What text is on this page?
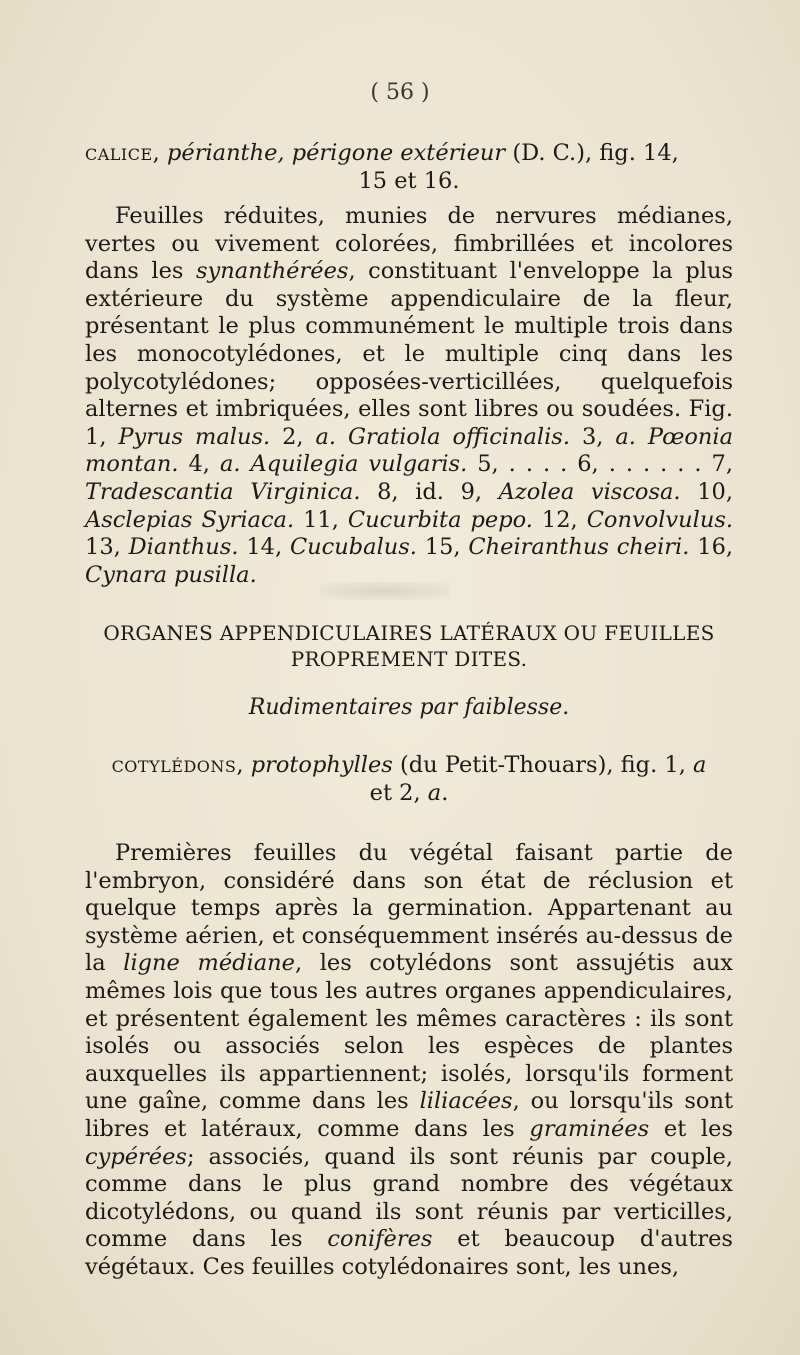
( 56 )
calice, périanthe, périgone extérieur (D. C.), fig. 14,
15 et 16.

Feuilles réduites, munies de nervures médianes, vertes ou vivement colorées, fimbrillées et incolores dans les synanthérées, constituant l'enveloppe la plus extérieure du système appendiculaire de la fleur, présentant le plus communément le multiple trois dans les monocotylédones, et le multiple cinq dans les polycotylédones; opposées-verticillées, quelquefois alternes et imbriquées, elles sont libres ou soudées. Fig. 1, Pyrus malus. 2, a. Gratiola officinalis. 3, a. Pœonia montan. 4, a. Aquilegia vulgaris. 5, . . . . 6, . . . . . . 7, Tradescantia Virginica. 8, id. 9, Azolea viscosa. 10, Asclepias Syriaca. 11, Cucurbita pepo. 12, Convolvulus. 13, Dianthus. 14, Cucubalus. 15, Cheiranthus cheiri. 16, Cynara pusilla.

ORGANES APPENDICULAIRES LATÉRAUX OU FEUILLES
PROPREMENT DITES.
Rudimentaires par faiblesse.
cotylédons, protophylles (du Petit-Thouars), fig. 1, a
et 2, a.

Premières feuilles du végétal faisant partie de l'embryon, considéré dans son état de réclusion et quelque temps après la germination. Appartenant au système aérien, et conséquemment insérés au-dessus de la ligne médiane, les cotylédons sont assujétis aux mêmes lois que tous les autres organes appendiculaires, et présentent également les mêmes caractères : ils sont isolés ou associés selon les espèces de plantes auxquelles ils appartiennent; isolés, lorsqu'ils forment une gaîne, comme dans les liliacées, ou lorsqu'ils sont libres et latéraux, comme dans les graminées et les cypérées; associés, quand ils sont réunis par couple, comme dans le plus grand nombre des végétaux dicotylédons, ou quand ils sont réunis par verticilles, comme dans les conifères et beaucoup d'autres végétaux. Ces feuilles cotylédonaires sont, les unes,
